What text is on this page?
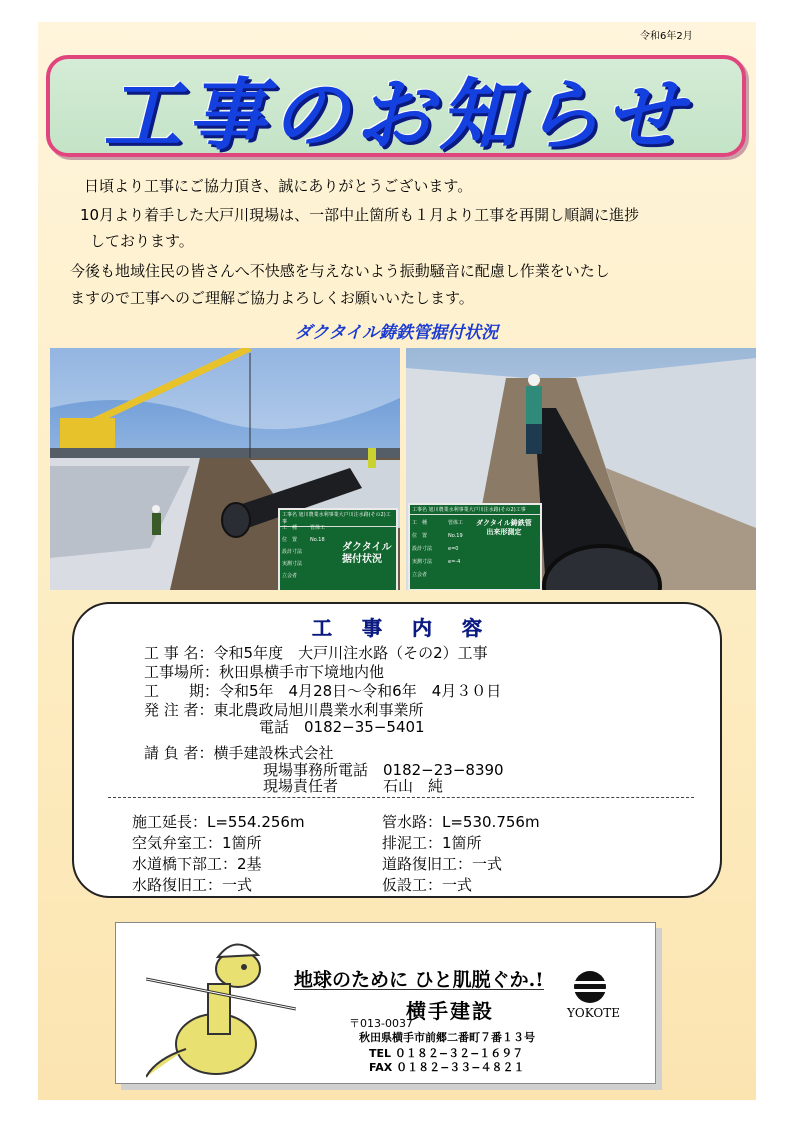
令和6年2月
工事のお知らせ
日頃より工事にご協力頂き、誠にありがとうございます。
10月より着手した大戸川現場は、一部中止箇所も１月より工事を再開し順調に進捗
しております。
今後も地域住民の皆さんへ不快感を与えないよう振動騒音に配慮し作業をいたし
ますので工事へのご理解ご協力よろしくお願いいたします。
ダクタイル鋳鉄管据付状況
工事名 旭川農業水利事業大戸川注水路(その2)工事
工　種
位　置
設計寸法
実測寸法
立会者
管体工
No.18
ダクタイル
据付状況
工事名 旭川農業水利事業大戸川注水路(その2)工事
工　種
位　置
設計寸法
実測寸法
立会者
管体工
No.19
e=0
e=-4
ダクタイル鋳鉄管
出来形測定
工事内容
工 事 名：令和5年度　大戸川注水路（その2）工事
工事場所：秋田県横手市下境地内他
工　　期：令和5年　4月28日～令和6年　4月３０日
発 注 者：東北農政局旭川農業水利事業所
電話　0182−35−5401
請 負 者：横手建設株式会社
現場事務所電話　0182−23−8390
現場責任者　　　石山　純
施工延長：L=554.256m
空気弁室工：1箇所
水道橋下部工：2基
水路復旧工：一式
管水路：L=530.756m
排泥工：1箇所
道路復旧工：一式
仮設工：一式
地球のために ひと肌脱ぐか.!
横手建設
〒013-0037
秋田県横手市前郷二番町７番１３号
TEL ０１８２−３２−１６９７
FAX ０１８２−３３−４８２１
YOKOTE
